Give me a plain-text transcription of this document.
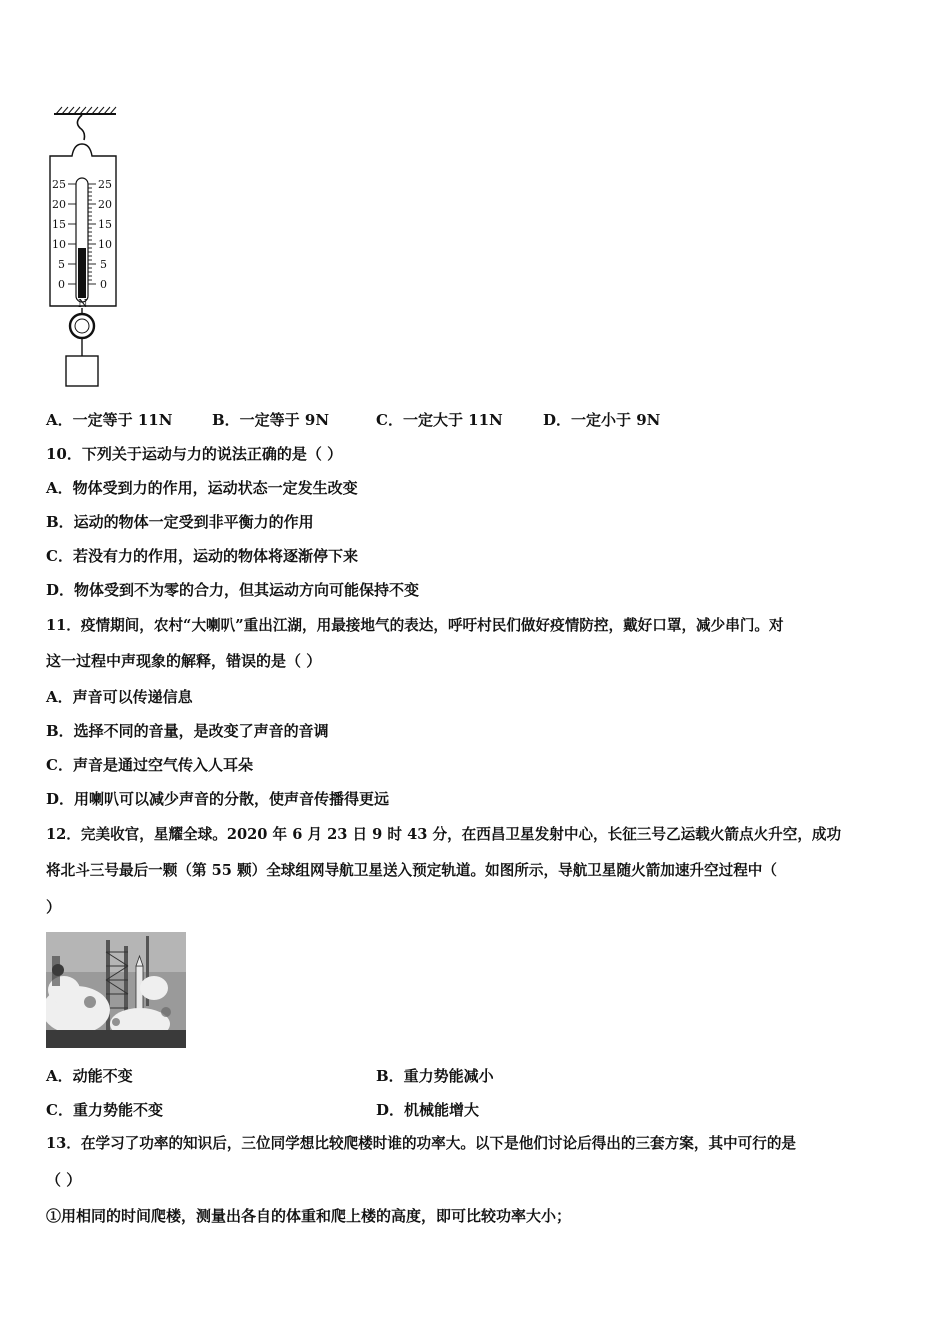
25
20
15
10
5
0
25
20
15
10
5
0
N
A．一定等于 11N	B．一定等于 9N	C．一定大于 11N	D．一定小于 9N
10．下列关于运动与力的说法正确的是（ ）
A．物体受到力的作用，运动状态一定发生改变
B．运动的物体一定受到非平衡力的作用
C．若没有力的作用，运动的物体将逐渐停下来
D．物体受到不为零的合力，但其运动方向可能保持不变
11．疫情期间，农村“大喇叭”重出江湖，用最接地气的表达，呼吁村民们做好疫情防控，戴好口罩，减少串门。对
这一过程中声现象的解释，错误的是（ ）
A．声音可以传递信息
B．选择不同的音量，是改变了声音的音调
C．声音是通过空气传入人耳朵
D．用喇叭可以减少声音的分散，使声音传播得更远
12．完美收官，星耀全球。2020 年 6 月 23 日 9 时 43 分，在西昌卫星发射中心，长征三号乙运载火箭点火升空，成功
将北斗三号最后一颗（第 55 颗）全球组网导航卫星送入预定轨道。如图所示，导航卫星随火箭加速升空过程中（
）
A．动能不变	B．重力势能减小
C．重力势能不变	D．机械能增大
13．在学习了功率的知识后，三位同学想比较爬楼时谁的功率大。以下是他们讨论后得出的三套方案，其中可行的是
（ ）
①用相同的时间爬楼，测量出各自的体重和爬上楼的高度，即可比较功率大小；
